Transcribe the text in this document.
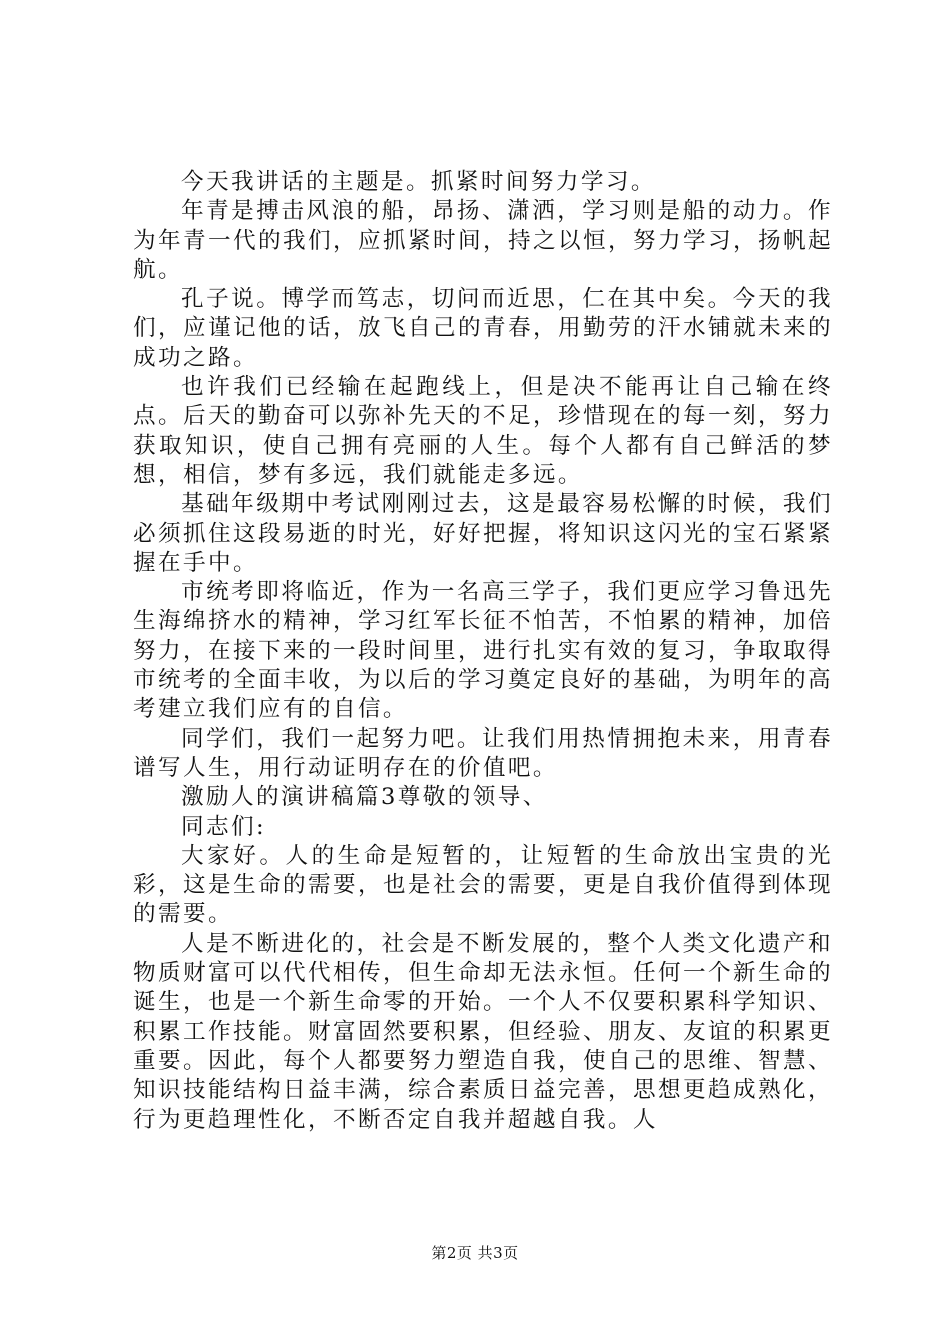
今天我讲话的主题是。抓紧时间努力学习。

年青是搏击风浪的船，昂扬、潇洒，学习则是船的动力。作为年青一代的我们，应抓紧时间，持之以恒，努力学习，扬帆起航。

孔子说。博学而笃志，切问而近思，仁在其中矣。今天的我们，应谨记他的话，放飞自己的青春，用勤劳的汗水铺就未来的成功之路。

也许我们已经输在起跑线上，但是决不能再让自己输在终点。后天的勤奋可以弥补先天的不足，珍惜现在的每一刻，努力获取知识，使自己拥有亮丽的人生。每个人都有自己鲜活的梦想，相信，梦有多远，我们就能走多远。

基础年级期中考试刚刚过去，这是最容易松懈的时候，我们必须抓住这段易逝的时光，好好把握，将知识这闪光的宝石紧紧握在手中。

市统考即将临近，作为一名高三学子，我们更应学习鲁迅先生海绵挤水的精神，学习红军长征不怕苦，不怕累的精神，加倍努力，在接下来的一段时间里，进行扎实有效的复习，争取取得市统考的全面丰收，为以后的学习奠定良好的基础，为明年的高考建立我们应有的自信。

同学们，我们一起努力吧。让我们用热情拥抱未来，用青春谱写人生，用行动证明存在的价值吧。

激励人的演讲稿篇3尊敬的领导、

同志们:

大家好。人的生命是短暂的，让短暂的生命放出宝贵的光彩，这是生命的需要，也是社会的需要，更是自我价值得到体现的需要。

人是不断进化的，社会是不断发展的，整个人类文化遗产和物质财富可以代代相传，但生命却无法永恒。任何一个新生命的诞生，也是一个新生命零的开始。一个人不仅要积累科学知识、积累工作技能。财富固然要积累，但经验、朋友、友谊的积累更重要。因此，每个人都要努力塑造自我，使自己的思维、智慧、知识技能结构日益丰满，综合素质日益完善，思想更趋成熟化，行为更趋理性化，不断否定自我并超越自我。人

第2页 共3页
